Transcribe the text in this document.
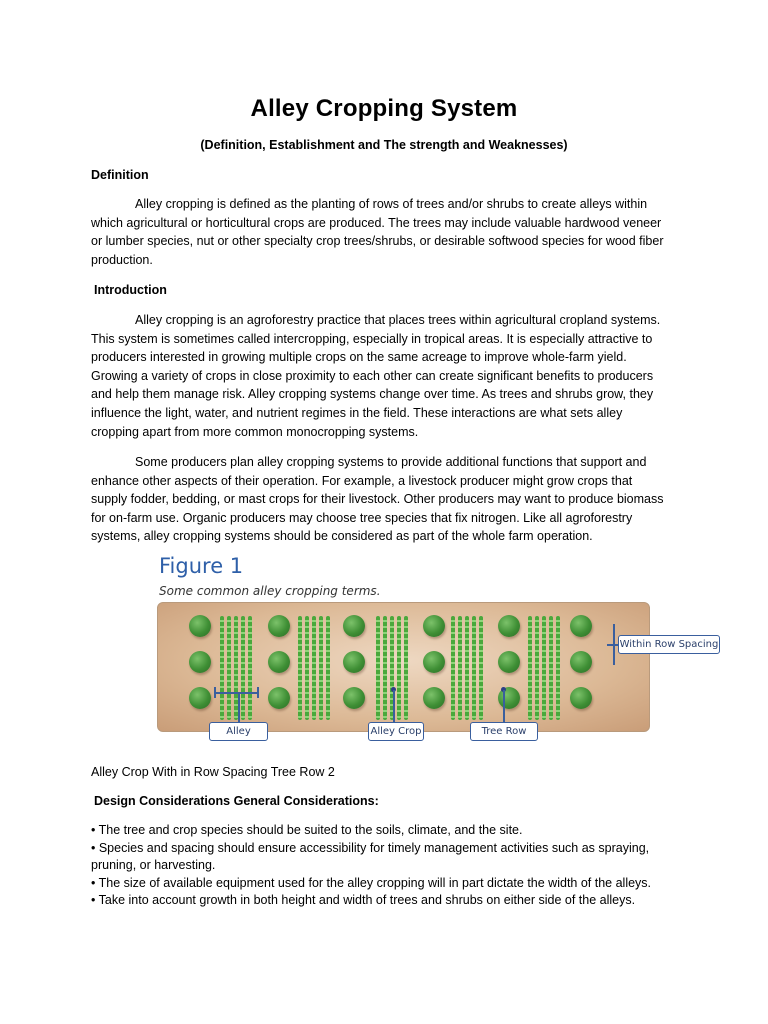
Alley Cropping System
(Definition, Establishment and The strength and Weaknesses)
Definition
Alley cropping is defined as the planting of rows of trees and/or shrubs to create alleys within
which agricultural or horticultural crops are produced. The trees may include valuable hardwood veneer
or lumber species, nut or other specialty crop trees/shrubs, or desirable softwood species for wood fiber
production.
Introduction
Alley cropping is an agroforestry practice that places trees within agricultural cropland systems.
This system is sometimes called intercropping, especially in tropical areas. It is especially attractive to
producers interested in growing multiple crops on the same acreage to improve whole-farm yield.
Growing a variety of crops in close proximity to each other can create significant benefits to producers
and help them manage risk. Alley cropping systems change over time. As trees and shrubs grow, they
influence the light, water, and nutrient regimes in the field. These interactions are what sets alley
cropping apart from more common monocropping systems.
Some producers plan alley cropping systems to provide additional functions that support and
enhance other aspects of their operation. For example, a livestock producer might grow crops that
supply fodder, bedding, or mast crops for their livestock. Other producers may want to produce biomass
for on-farm use. Organic producers may choose tree species that fix nitrogen. Like all agroforestry
systems, alley cropping systems should be considered as part of the whole farm operation.
Figure 1
Some common alley cropping terms.
Within Row Spacing
Alley	Alley Crop	Tree Row
Alley Crop With in Row Spacing Tree Row 2
Design Considerations General Considerations:
• The tree and crop species should be suited to the soils, climate, and the site.
• Species and spacing should ensure accessibility for timely management activities such as spraying,
pruning, or harvesting.
• The size of available equipment used for the alley cropping will in part dictate the width of the alleys.
• Take into account growth in both height and width of trees and shrubs on either side of the alleys.
